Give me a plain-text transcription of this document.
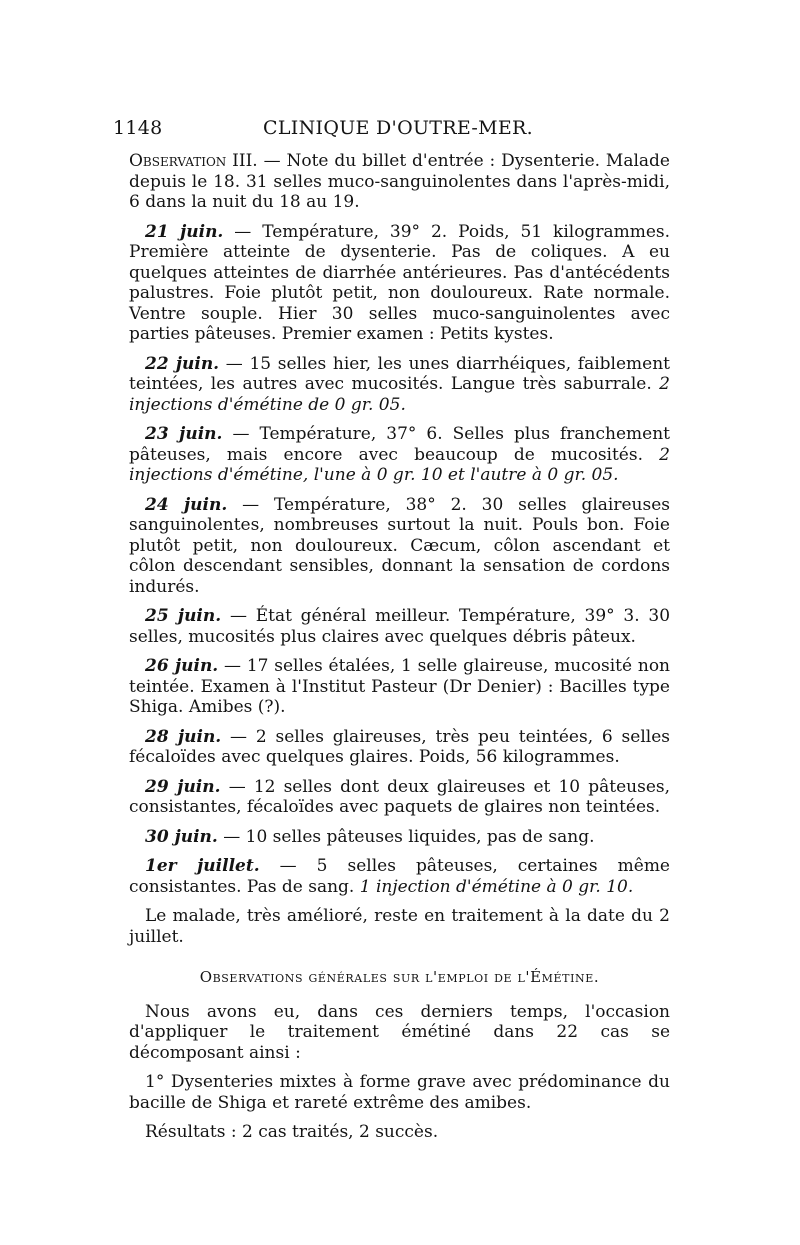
1148	CLINIQUE D'OUTRE-MER.

Observation III. — Note du billet d'entrée : Dysenterie. Malade depuis le 18. 31 selles muco-sanguinolentes dans l'après-midi, 6 dans la nuit du 18 au 19.

21 juin. — Température, 39° 2. Poids, 51 kilogrammes. Première atteinte de dysenterie. Pas de coliques. A eu quelques atteintes de diarrhée antérieures. Pas d'antécédents palustres. Foie plutôt petit, non douloureux. Rate normale. Ventre souple. Hier 30 selles muco-sanguinolentes avec parties pâteuses. Premier examen : Petits kystes.

22 juin. — 15 selles hier, les unes diarrhéiques, faiblement teintées, les autres avec mucosités. Langue très saburrale. 2 injections d'émétine de 0 gr. 05.

23 juin. — Température, 37° 6. Selles plus franchement pâteuses, mais encore avec beaucoup de mucosités. 2 injections d'émétine, l'une à 0 gr. 10 et l'autre à 0 gr. 05.

24 juin. — Température, 38° 2. 30 selles glaireuses sanguinolentes, nombreuses surtout la nuit. Pouls bon. Foie plutôt petit, non douloureux. Cæcum, côlon ascendant et côlon descendant sensibles, donnant la sensation de cordons indurés.

25 juin. — État général meilleur. Température, 39° 3. 30 selles, mucosités plus claires avec quelques débris pâteux.

26 juin. — 17 selles étalées, 1 selle glaireuse, mucosité non teintée. Examen à l'Institut Pasteur (Dr Denier) : Bacilles type Shiga. Amibes (?).

28 juin. — 2 selles glaireuses, très peu teintées, 6 selles fécaloïdes avec quelques glaires. Poids, 56 kilogrammes.

29 juin. — 12 selles dont deux glaireuses et 10 pâteuses, consistantes, fécaloïdes avec paquets de glaires non teintées.

30 juin. — 10 selles pâteuses liquides, pas de sang.

1er juillet. — 5 selles pâteuses, certaines même consistantes. Pas de sang. 1 injection d'émétine à 0 gr. 10.

Le malade, très amélioré, reste en traitement à la date du 2 juillet.

Observations générales sur l'emploi de l'Émétine.

Nous avons eu, dans ces derniers temps, l'occasion d'appliquer le traitement émétiné dans 22 cas se décomposant ainsi :

1° Dysenteries mixtes à forme grave avec prédominance du bacille de Shiga et rareté extrême des amibes.

Résultats : 2 cas traités, 2 succès.
